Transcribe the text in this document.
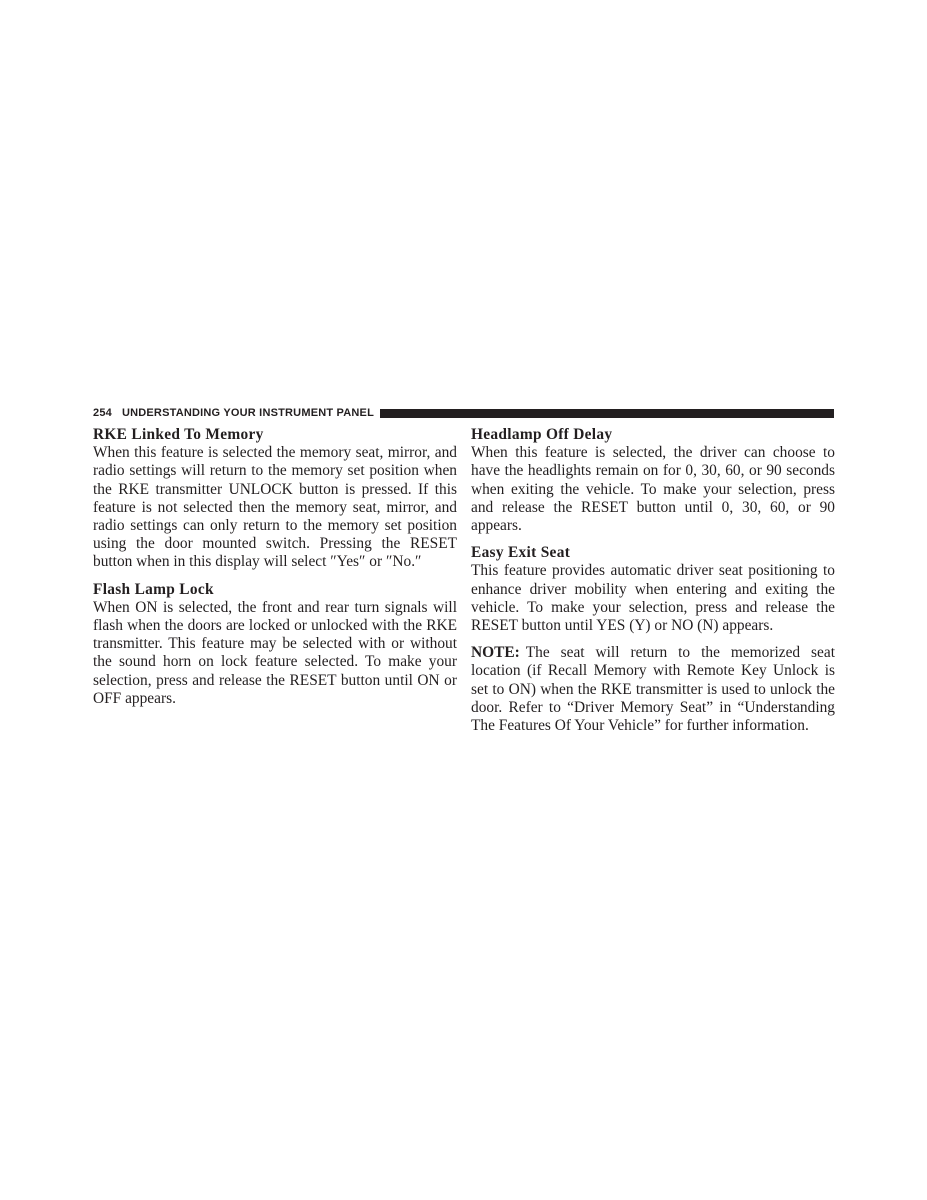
254 UNDERSTANDING YOUR INSTRUMENT PANEL

RKE Linked To Memory

When this feature is selected the memory seat, mirror, and radio settings will return to the memory set position when the RKE transmitter UNLOCK button is pressed. If this feature is not selected then the memory seat, mirror, and radio settings can only return to the memory set position using the door mounted switch. Pressing the RESET button when in this display will select ″Yes″ or ″No.″

Flash Lamp Lock

When ON is selected, the front and rear turn signals will flash when the doors are locked or unlocked with the RKE transmitter. This feature may be selected with or without the sound horn on lock feature selected. To make your selection, press and release the RESET button until ON or OFF appears.

Headlamp Off Delay

When this feature is selected, the driver can choose to have the headlights remain on for 0, 30, 60, or 90 seconds when exiting the vehicle. To make your selection, press and release the RESET button until 0, 30, 60, or 90 appears.

Easy Exit Seat

This feature provides automatic driver seat positioning to enhance driver mobility when entering and exiting the vehicle. To make your selection, press and release the RESET button until YES (Y) or NO (N) appears.

NOTE: The seat will return to the memorized seat location (if Recall Memory with Remote Key Unlock is set to ON) when the RKE transmitter is used to unlock the door. Refer to “Driver Memory Seat” in “Understanding The Features Of Your Vehicle” for further information.
